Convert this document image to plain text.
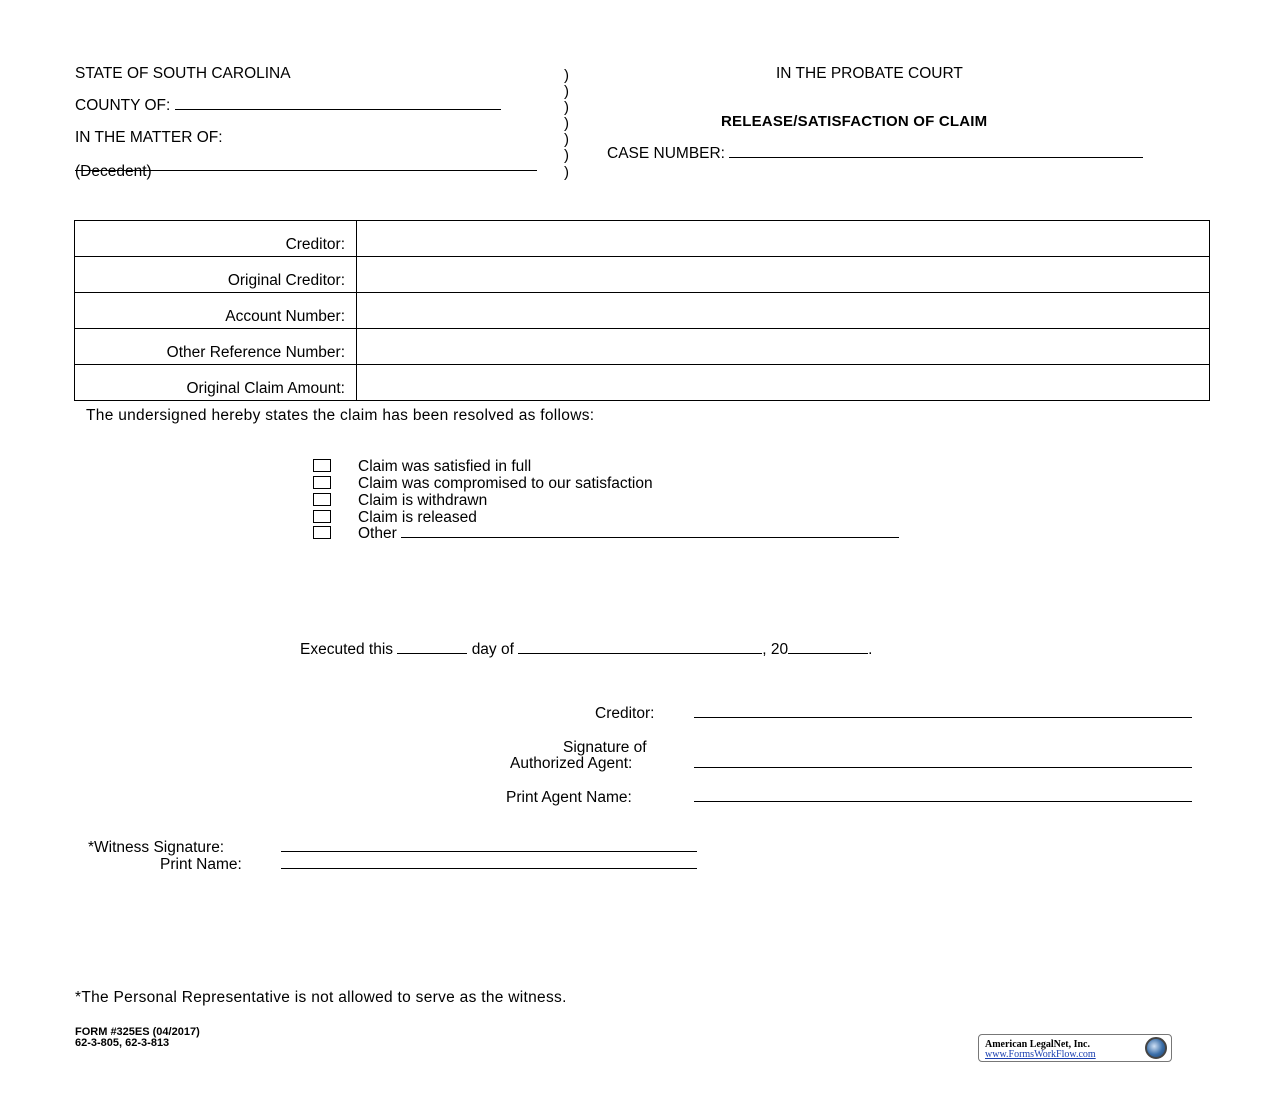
STATE OF SOUTH CAROLINA
COUNTY OF:
IN THE MATTER OF:
(Decedent)
)
)
)
)
)
)
)
IN THE PROBATE COURT
RELEASE/SATISFACTION OF CLAIM
CASE NUMBER:
Creditor:	
Original Creditor:	
Account Number:	
Other Reference Number:	
Original Claim Amount:	
The undersigned hereby states the claim has been resolved as follows:
Claim was satisfied in full
Claim was compromised to our satisfaction
Claim is withdrawn
Claim is released
Other
Executed this	day of	, 20	.
Creditor:
Signature of
Authorized Agent:
Print Agent Name:
*Witness Signature:
Print Name:
*The Personal Representative is not allowed to serve as the witness.
FORM #325ES (04/2017)
62-3-805, 62-3-813	American LegalNet, Inc.
www.FormsWorkFlow.com
